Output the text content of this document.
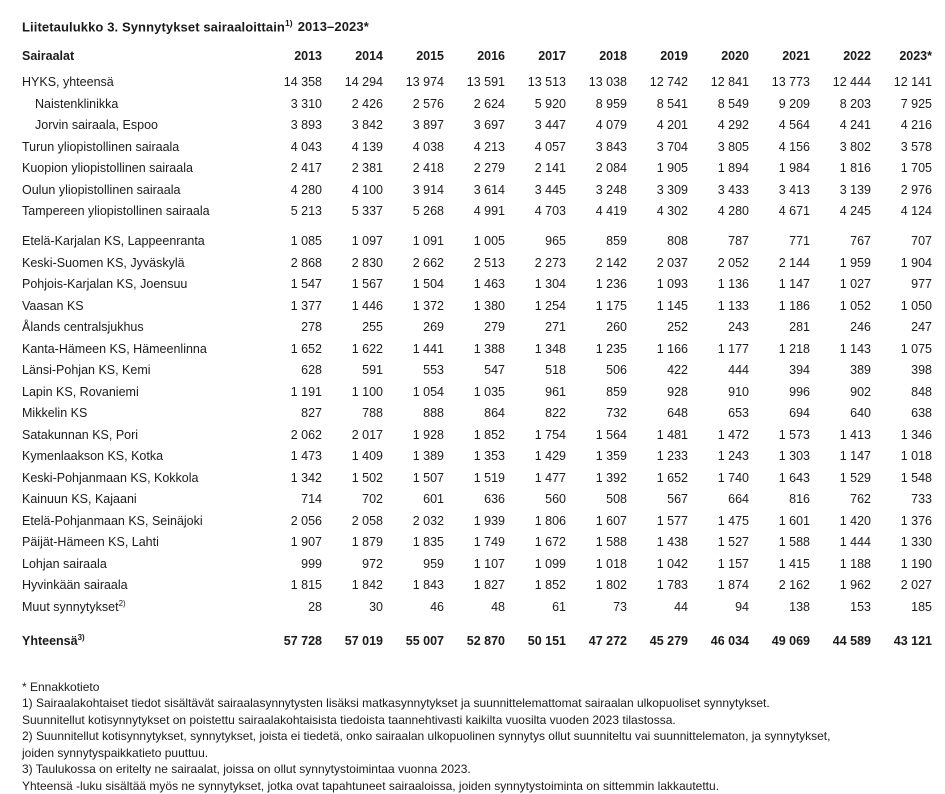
Liitetaulukko 3. Synnytykset sairaaloittain$^{1)}$ 2013–2023*
Sairaalat	2013	2014	2015	2016	2017	2018	2019	2020	2021	2022	2023*
HYKS, yhteensä	14 358	14 294	13 974	13 591	13 513	13 038	12 742	12 841	13 773	12 444	12 141
Naistenklinikka	3 310	2 426	2 576	2 624	5 920	8 959	8 541	8 549	9 209	8 203	7 925
Jorvin sairaala, Espoo	3 893	3 842	3 897	3 697	3 447	4 079	4 201	4 292	4 564	4 241	4 216
Turun yliopistollinen sairaala	4 043	4 139	4 038	4 213	4 057	3 843	3 704	3 805	4 156	3 802	3 578
Kuopion yliopistollinen sairaala	2 417	2 381	2 418	2 279	2 141	2 084	1 905	1 894	1 984	1 816	1 705
Oulun yliopistollinen sairaala	4 280	4 100	3 914	3 614	3 445	3 248	3 309	3 433	3 413	3 139	2 976
Tampereen yliopistollinen sairaala	5 213	5 337	5 268	4 991	4 703	4 419	4 302	4 280	4 671	4 245	4 124
Etelä-Karjalan KS, Lappeenranta	1 085	1 097	1 091	1 005	965	859	808	787	771	767	707
Keski-Suomen KS, Jyväskylä	2 868	2 830	2 662	2 513	2 273	2 142	2 037	2 052	2 144	1 959	1 904
Pohjois-Karjalan KS, Joensuu	1 547	1 567	1 504	1 463	1 304	1 236	1 093	1 136	1 147	1 027	977
Vaasan KS	1 377	1 446	1 372	1 380	1 254	1 175	1 145	1 133	1 186	1 052	1 050
Ålands centralsjukhus	278	255	269	279	271	260	252	243	281	246	247
Kanta-Hämeen KS, Hämeenlinna	1 652	1 622	1 441	1 388	1 348	1 235	1 166	1 177	1 218	1 143	1 075
Länsi-Pohjan KS, Kemi	628	591	553	547	518	506	422	444	394	389	398
Lapin KS, Rovaniemi	1 191	1 100	1 054	1 035	961	859	928	910	996	902	848
Mikkelin KS	827	788	888	864	822	732	648	653	694	640	638
Satakunnan KS, Pori	2 062	2 017	1 928	1 852	1 754	1 564	1 481	1 472	1 573	1 413	1 346
Kymenlaakson KS, Kotka	1 473	1 409	1 389	1 353	1 429	1 359	1 233	1 243	1 303	1 147	1 018
Keski-Pohjanmaan KS, Kokkola	1 342	1 502	1 507	1 519	1 477	1 392	1 652	1 740	1 643	1 529	1 548
Kainuun KS, Kajaani	714	702	601	636	560	508	567	664	816	762	733
Etelä-Pohjanmaan KS, Seinäjoki	2 056	2 058	2 032	1 939	1 806	1 607	1 577	1 475	1 601	1 420	1 376
Päijät-Hämeen KS, Lahti	1 907	1 879	1 835	1 749	1 672	1 588	1 438	1 527	1 588	1 444	1 330
Lohjan sairaala	999	972	959	1 107	1 099	1 018	1 042	1 157	1 415	1 188	1 190
Hyvinkään sairaala	1 815	1 842	1 843	1 827	1 852	1 802	1 783	1 874	2 162	1 962	2 027
Muut synnytykset$^{2)}$	28	30	46	48	61	73	44	94	138	153	185
Yhteensä$^{3)}$	57 728	57 019	55 007	52 870	50 151	47 272	45 279	46 034	49 069	44 589	43 121
* Ennakkotieto
1) Sairaalakohtaiset tiedot sisältävät sairaalasynnytysten lisäksi matkasynnytykset ja suunnittelemattomat sairaalan ulkopuoliset synnytykset.
Suunnitellut kotisynnytykset on poistettu sairaalakohtaisista tiedoista taannehtivasti kaikilta vuosilta vuoden 2023 tilastossa.
2) Suunnitellut kotisynnytykset, synnytykset, joista ei tiedetä, onko sairaalan ulkopuolinen synnytys ollut suunniteltu vai suunnittelematon, ja synnytykset,
joiden synnytyspaikkatieto puuttuu.
3) Taulukossa on eritelty ne sairaalat, joissa on ollut synnytystoimintaa vuonna 2023.
Yhteensä -luku sisältää myös ne synnytykset, jotka ovat tapahtuneet sairaaloissa, joiden synnytystoiminta on sittemmin lakkautettu.
